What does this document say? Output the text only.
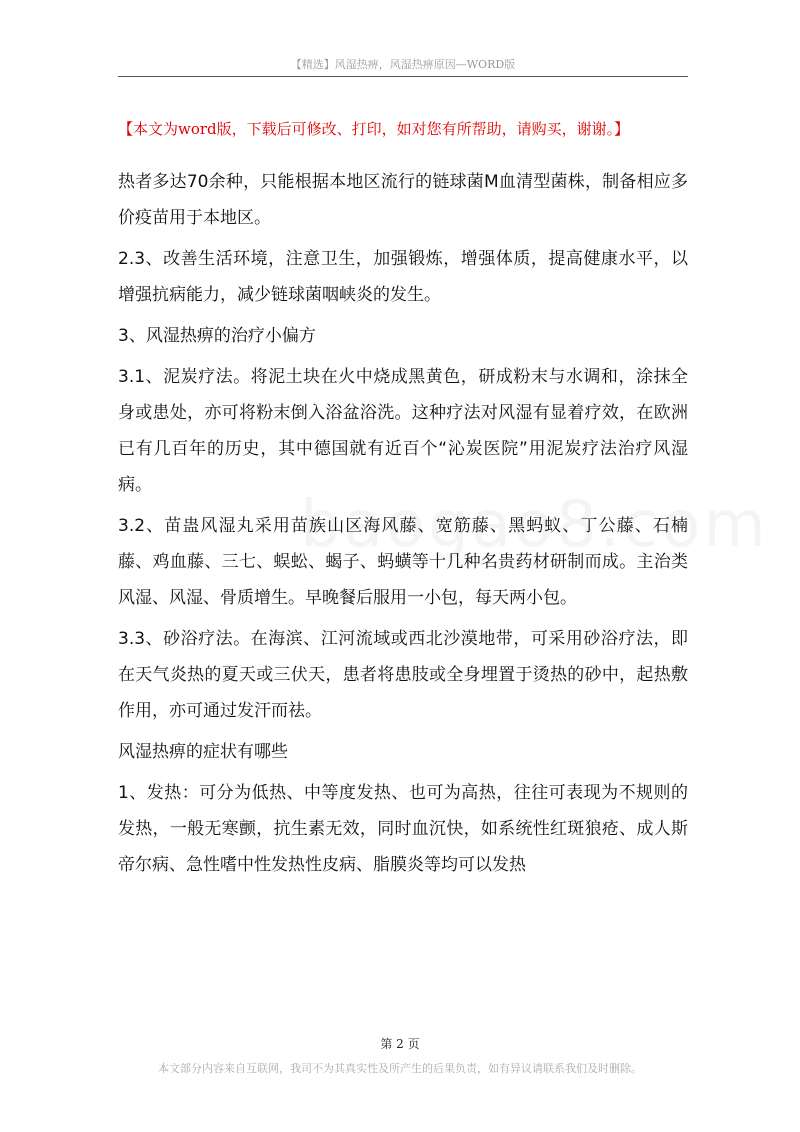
【精选】风湿热痹，风湿热痹原因—WORD版
【本文为word版，下载后可修改、打印，如对您有所帮助，请购买，谢谢。】

热者多达70余种，只能根据本地区流行的链球菌M血清型菌株，制备相应多价疫苗用于本地区。

2.3、改善生活环境，注意卫生，加强锻炼，增强体质，提高健康水平，以增强抗病能力，减少链球菌咽峡炎的发生。

3、风湿热痹的治疗小偏方

3.1、泥炭疗法。将泥土块在火中烧成黑黄色，研成粉末与水调和，涂抹全身或患处，亦可将粉末倒入浴盆浴洗。这种疗法对风湿有显着疗效，在欧洲已有几百年的历史，其中德国就有近百个“沁炭医院”用泥炭疗法治疗风湿病。

3.2、苗蛊风湿丸采用苗族山区海风藤、宽筋藤、黑蚂蚁、丁公藤、石楠藤、鸡血藤、三七、蜈蚣、蝎子、蚂蟥等十几种名贵药材研制而成。主治类风湿、风湿、骨质增生。早晚餐后服用一小包，每天两小包。

3.3、砂浴疗法。在海滨、江河流域或西北沙漠地带，可采用砂浴疗法，即在天气炎热的夏天或三伏天，患者将患肢或全身埋置于烫热的砂中，起热敷作用，亦可通过发汗而祛。

风湿热痹的症状有哪些

1、发热：可分为低热、中等度发热、也可为高热，往往可表现为不规则的发热，一般无寒颤，抗生素无效，同时血沉快，如系统性红斑狼疮、成人斯帝尔病、急性嗜中性发热性皮病、脂膜炎等均可以发热

第 2 页
本文部分内容来自互联网，我司不为其真实性及所产生的后果负责，如有异议请联系我们及时删除。
